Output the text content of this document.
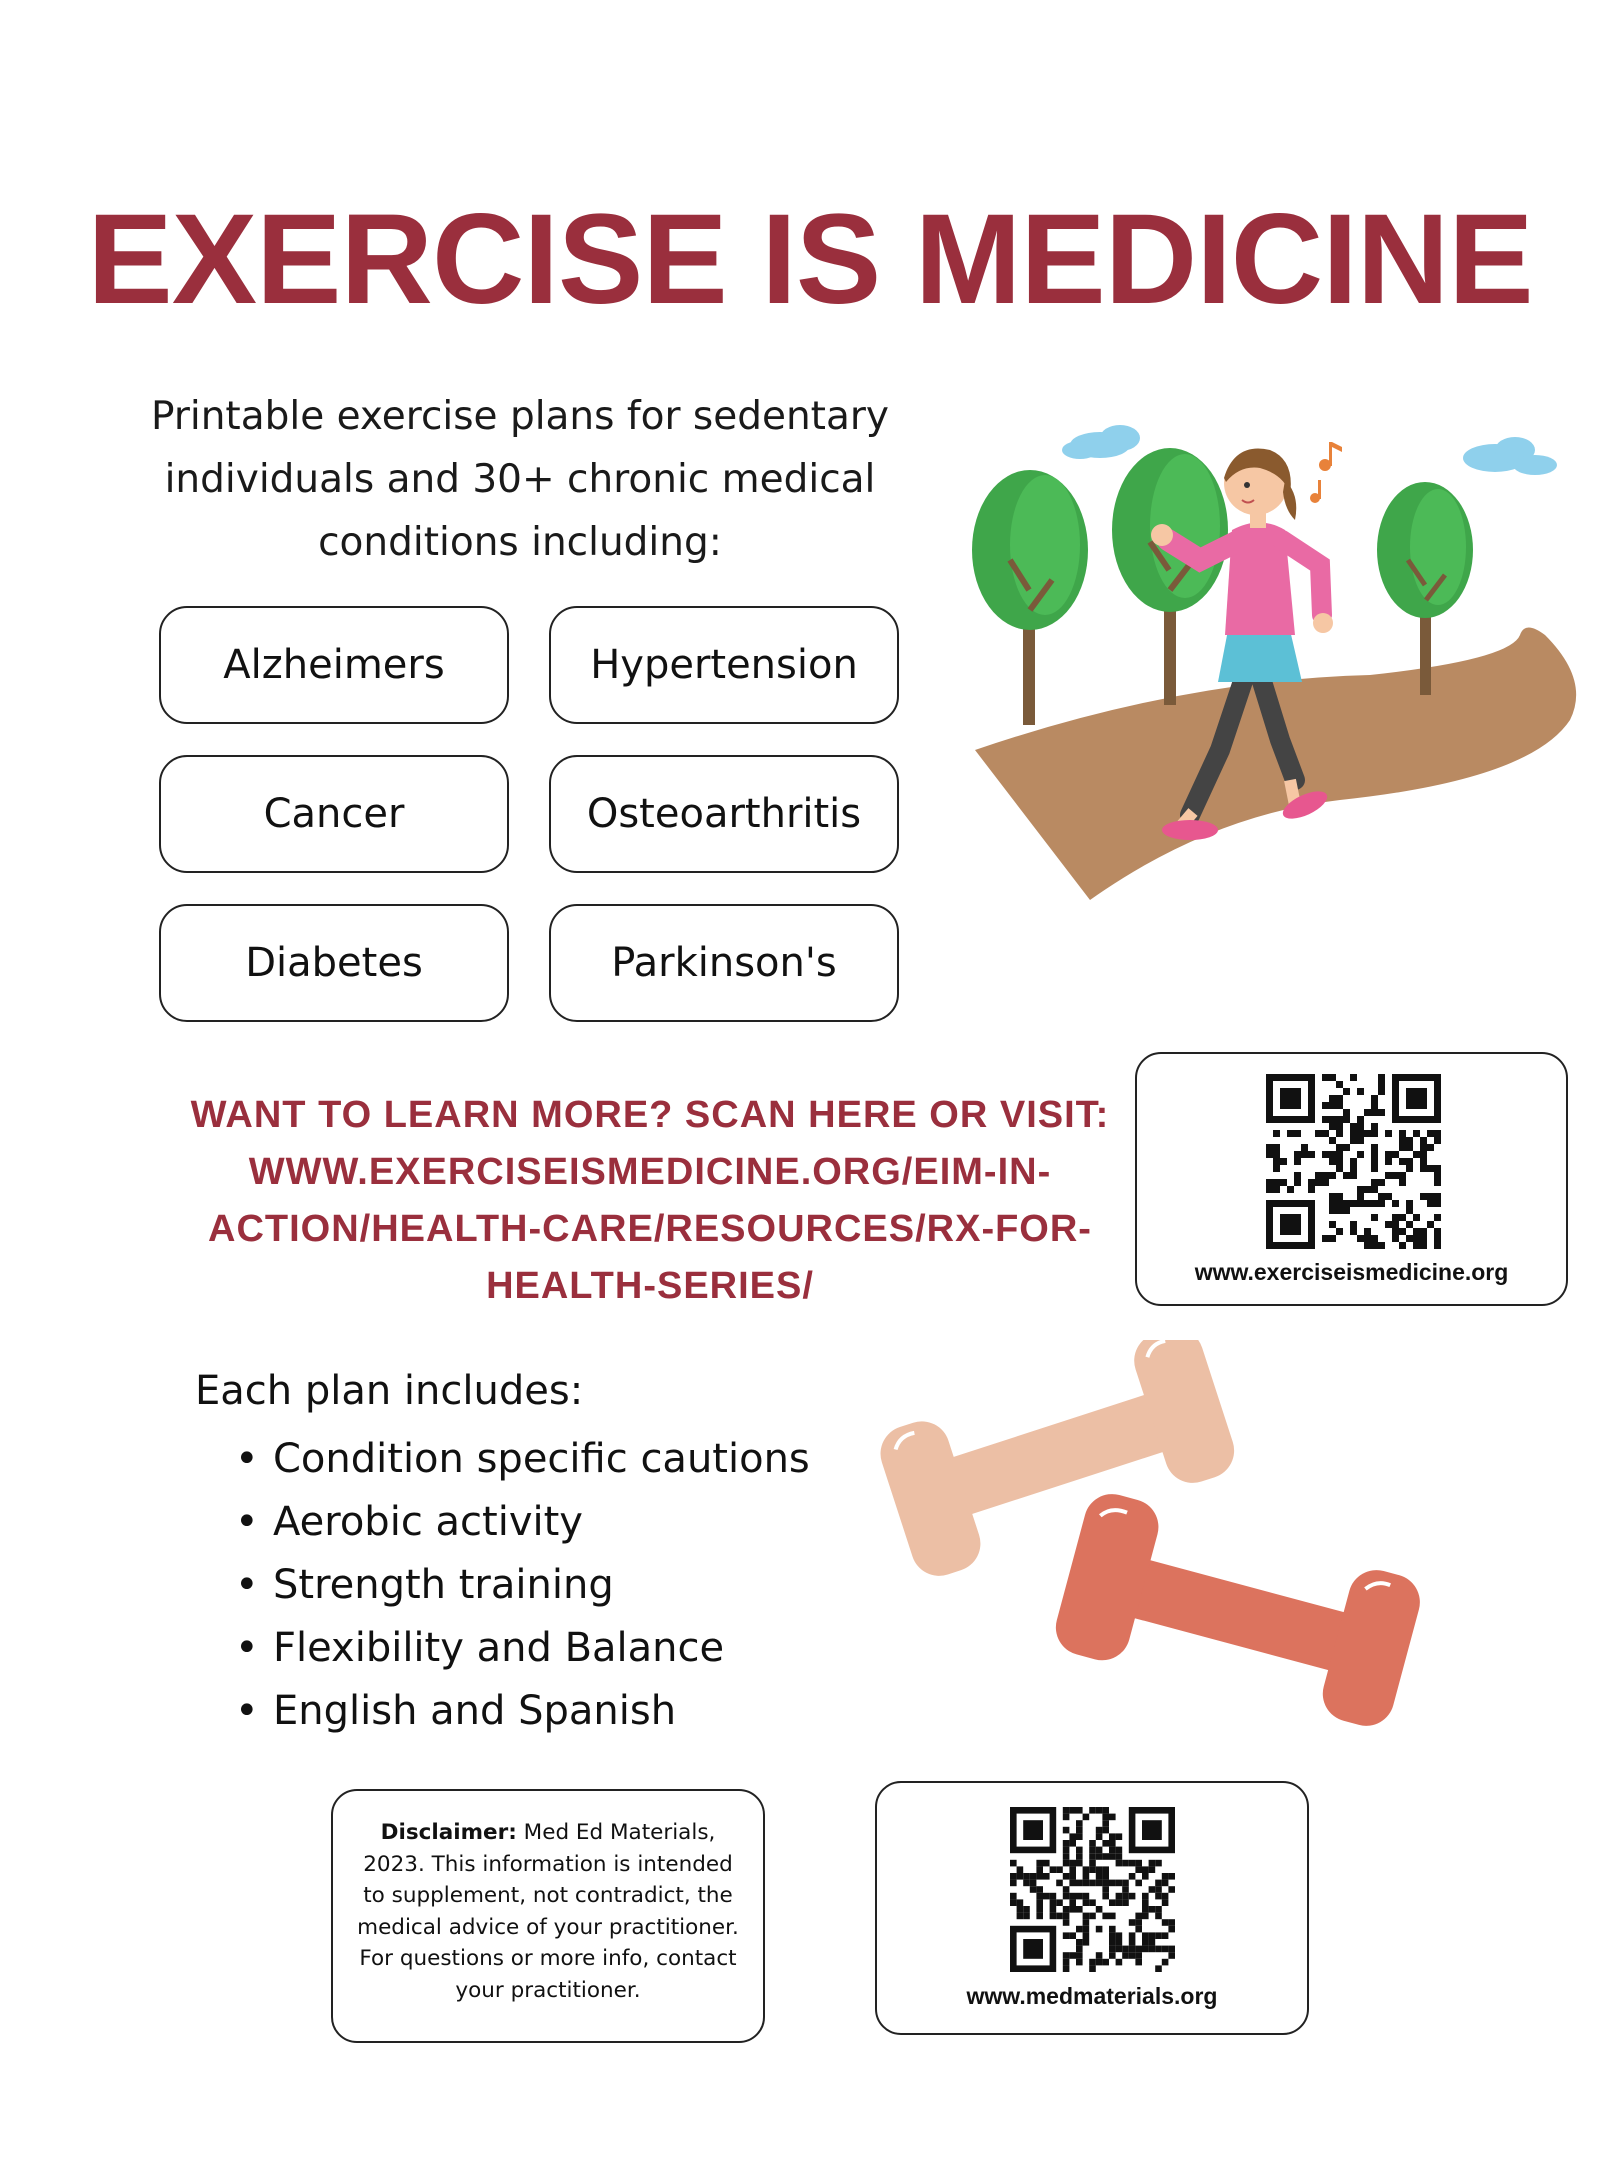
EXERCISE IS MEDICINE
Printable exercise plans for sedentary
individuals and 30+ chronic medical
conditions including:
Alzheimers	Hypertension
Cancer	Osteoarthritis
Diabetes	Parkinson's
WANT TO LEARN MORE? SCAN HERE OR VISIT:
WWW.EXERCISEISMEDICINE.ORG/EIM-IN-
ACTION/HEALTH-CARE/RESOURCES/RX-FOR-
HEALTH-SERIES/	www.exerciseismedicine.org
Each plan includes:
• Condition specific cautions
• Aerobic activity
• Strength training
• Flexibility and Balance
• English and Spanish
Disclaimer: Med Ed Materials, 2023. This information is intended to supplement, not contradict, the medical advice of your practitioner. For questions or more info, contact your practitioner.	www.medmaterials.org
